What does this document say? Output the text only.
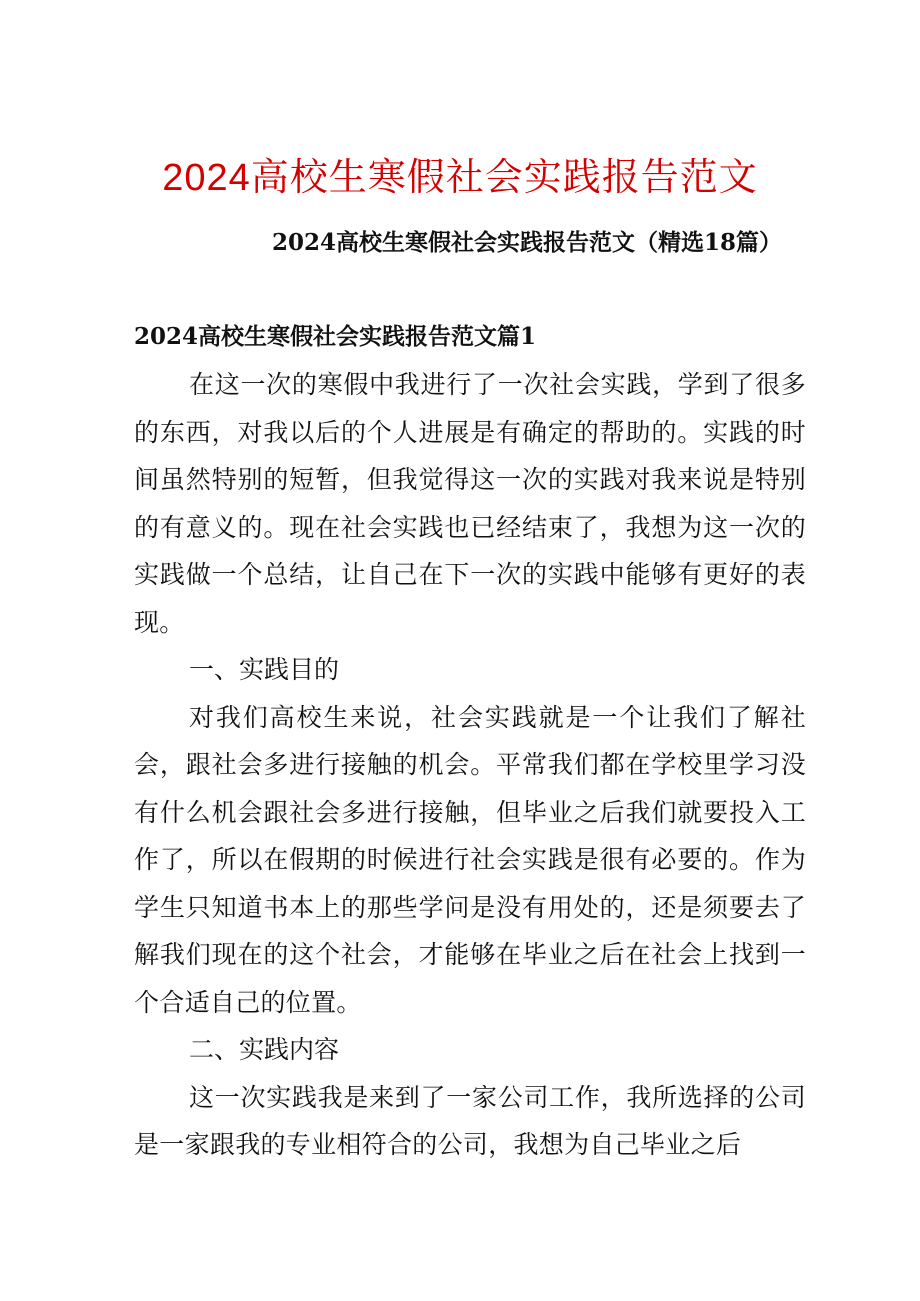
2024高校生寒假社会实践报告范文

2024高校生寒假社会实践报告范文（精选18篇）

2024高校生寒假社会实践报告范文篇1

在这一次的寒假中我进行了一次社会实践，学到了很多的东西，对我以后的个人进展是有确定的帮助的。实践的时间虽然特别的短暂，但我觉得这一次的实践对我来说是特别的有意义的。现在社会实践也已经结束了，我想为这一次的实践做一个总结，让自己在下一次的实践中能够有更好的表现。

一、实践目的

对我们高校生来说，社会实践就是一个让我们了解社会，跟社会多进行接触的机会。平常我们都在学校里学习没有什么机会跟社会多进行接触，但毕业之后我们就要投入工作了，所以在假期的时候进行社会实践是很有必要的。作为学生只知道书本上的那些学问是没有用处的，还是须要去了解我们现在的这个社会，才能够在毕业之后在社会上找到一个合适自己的位置。

二、实践内容

这一次实践我是来到了一家公司工作，我所选择的公司是一家跟我的专业相符合的公司，我想为自己毕业之后
